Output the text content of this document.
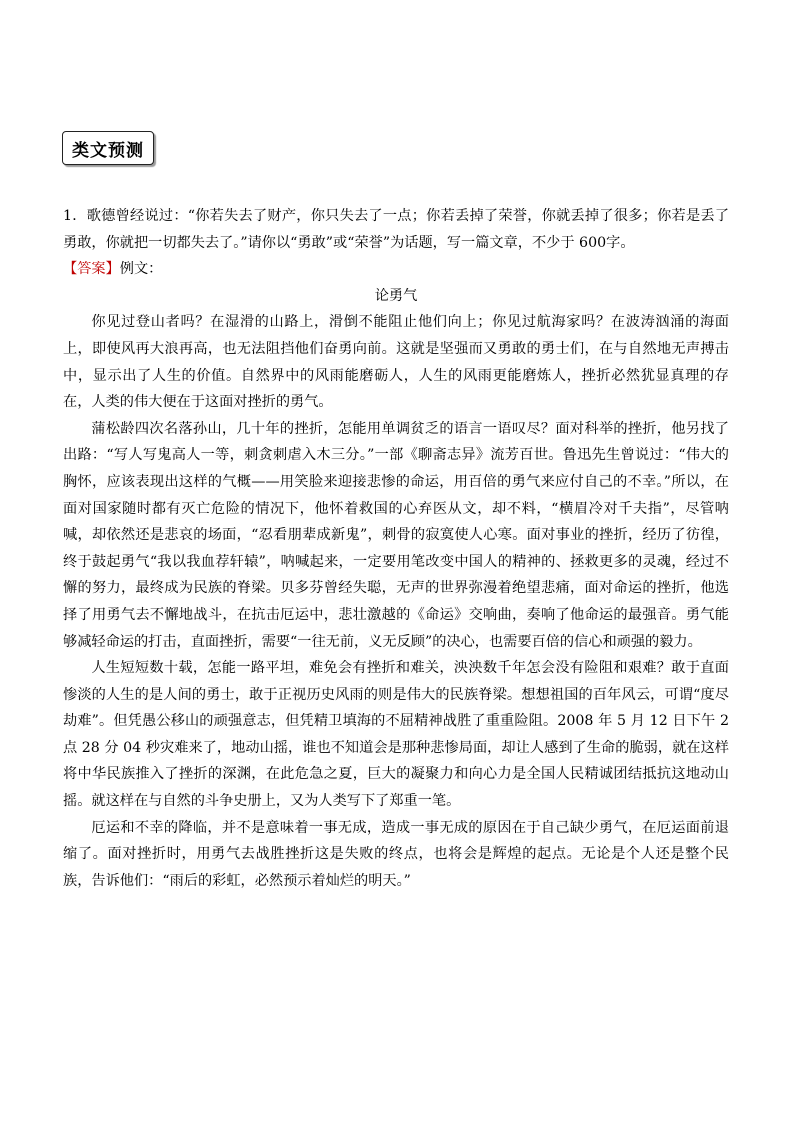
类文预测

1．歌德曾经说过：“你若失去了财产，你只失去了一点；你若丢掉了荣誉，你就丢掉了很多；你若是丢了勇敢，你就把一切都失去了。”请你以“勇敢”或“荣誉”为话题，写一篇文章，不少于 600字。

【答案】例文：

论勇气

你见过登山者吗？在湿滑的山路上，滑倒不能阻止他们向上；你见过航海家吗？在波涛汹涌的海面上，即使风再大浪再高，也无法阻挡他们奋勇向前。这就是坚强而又勇敢的勇士们，在与自然地无声搏击中，显示出了人生的价值。自然界中的风雨能磨砺人，人生的风雨更能磨炼人，挫折必然犹显真理的存在，人类的伟大便在于这面对挫折的勇气。

蒲松龄四次名落孙山，几十年的挫折，怎能用单调贫乏的语言一语叹尽？面对科举的挫折，他另找了出路：“写人写鬼高人一等，刺贪刺虐入木三分。”一部《聊斋志异》流芳百世。鲁迅先生曾说过：“伟大的胸怀，应该表现出这样的气概——用笑脸来迎接悲惨的命运，用百倍的勇气来应付自己的不幸。”所以，在面对国家随时都有灭亡危险的情况下，他怀着救国的心弃医从文，却不料，“横眉冷对千夫指”，尽管呐喊，却依然还是悲哀的场面，“忍看朋辈成新鬼”，刺骨的寂寞使人心寒。面对事业的挫折，经历了彷徨，终于鼓起勇气“我以我血荐轩辕”，呐喊起来，一定要用笔改变中国人的精神的、拯救更多的灵魂，经过不懈的努力，最终成为民族的脊梁。贝多芬曾经失聪，无声的世界弥漫着绝望悲痛，面对命运的挫折，他选择了用勇气去不懈地战斗，在抗击厄运中，悲壮激越的《命运》交响曲，奏响了他命运的最强音。勇气能够减轻命运的打击，直面挫折，需要“一往无前，义无反顾”的决心，也需要百倍的信心和顽强的毅力。

人生短短数十载，怎能一路平坦，难免会有挫折和难关，泱泱数千年怎会没有险阻和艰难？敢于直面惨淡的人生的是人间的勇士，敢于正视历史风雨的则是伟大的民族脊梁。想想祖国的百年风云，可谓“度尽劫难”。但凭愚公移山的顽强意志，但凭精卫填海的不屈精神战胜了重重险阻。2008 年 5 月 12 日下午 2 点 28 分 04 秒灾难来了，地动山摇，谁也不知道会是那种悲惨局面，却让人感到了生命的脆弱，就在这样将中华民族推入了挫折的深渊，在此危急之夏，巨大的凝聚力和向心力是全国人民精诚团结抵抗这地动山摇。就这样在与自然的斗争史册上，又为人类写下了郑重一笔。

厄运和不幸的降临，并不是意味着一事无成，造成一事无成的原因在于自己缺少勇气，在厄运面前退缩了。面对挫折时，用勇气去战胜挫折这是失败的终点，也将会是辉煌的起点。无论是个人还是整个民族，告诉他们：“雨后的彩虹，必然预示着灿烂的明天。”
